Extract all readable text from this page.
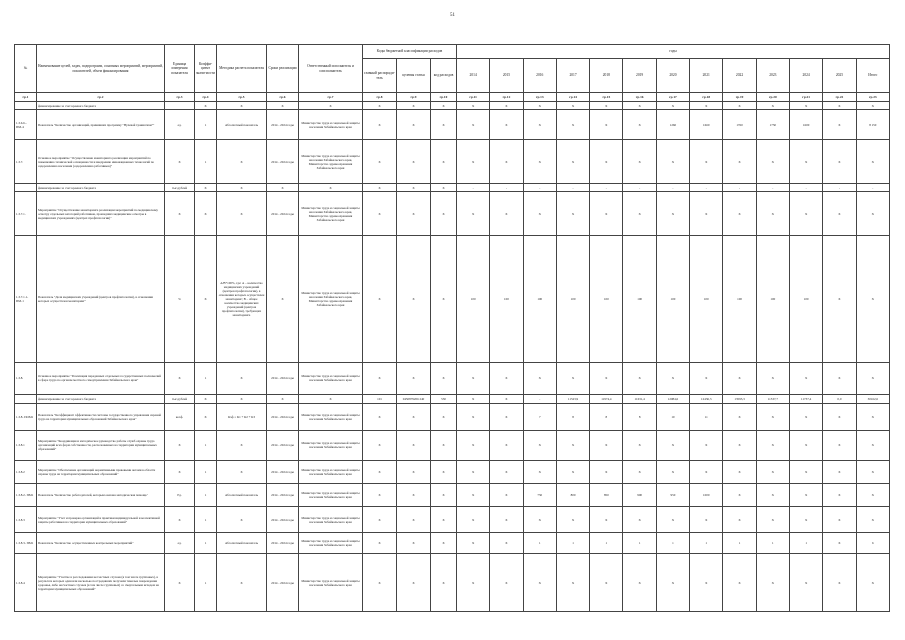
51
№	Наименование целей, задач, подпрограмм, основных мероприятий, мероприятий, показателей, объем финансирования	Единица измерения показателя	Коэффи-циент значи-мости	Методика расчета показателя	Сроки реализации	Ответственный исполнитель и соисполнитель	Коды бюджетной классификации расходов			годы												
							главный распоряди-тель	целевая статья	код расходов	2014	2015	2016	2017	2018	2019	2020	2021	2022	2023	2024	2025	Итого
гр.1	гр.2	гр.3	гр.4	гр.5	гр.6	гр.7	гр.8	гр.9	гр.10	гр.11	гр.12	гр.13	гр.14	гр.15	гр.16	гр.17	гр.18	гр.19	гр.20	гр.21	гр.22	гр.23
	финансирование за счет краевого бюджета		Х	Х	Х	Х	Х	Х	Х	Х	Х	Х	Х	Х	Х	Х	Х	Х	Х	Х	Х	Х
1.3.6.6.- ПМ-4	Показатель "Количество организаций, принявших программу "Нулевой травматизм""	ед.	1	Абсолютный показатель	2014 - 2024 годы	Министерство труда и социальной защиты населения Забайкальского края	Х	Х	Х	Х	Х	Х	Х	Х	Х	1260	1660	1760	1750	1600	Х	8 150
1.3.7.	Основное мероприятие "Осуществление мониторинга реализации мероприятий по повышению технической оснащенности и внедрению инновационных технологий по оздоровлению населения (оздоровлению работников)"	Х	1	Х	2014 - 2024 годы	Министерство труда и социальной защиты населения Забайкальского края, Министерство здравоохранения Забайкальского края	Х	Х	Х	Х	Х	Х	Х	Х	Х	Х	Х	Х	Х	Х	Х	Х
	финансирование за счет краевого бюджета	тыс.рублей	Х	Х	Х	Х	Х	Х	Х	-	-	-	-	-	-	-	-	-	-	-	-	-
1.3.7.1.	Мероприятие "Осуществление мониторинга реализации мероприятий по медицинскому осмотру отдельных категорий работников, прошедших медицинские осмотры в медицинских учреждениях (центрах профпатологии)"	Х	Х	Х	2014 - 2024 годы	Министерство труда и социальной защиты населения Забайкальского края, Министерство здравоохранения Забайкальского края	Х	Х	Х	Х	Х	Х	Х	Х	Х	Х	Х	Х	Х	Х	Х	Х
1.3.7.1.1- ПМ-1	Показатель "Доля медицинских учреждений (центров профпатологии), в отношении которых осуществлен мониторинг"	%	Х	А/В*100%, где: А – количество медицинских учреждений (центров профпатологии), в отношении которых осуществлен мониторинг; В – общее количество медицинских учреждений (центров профпатологии), требующих мониторинга	Х	Министерство труда и социальной защиты населения Забайкальского края, Министерство здравоохранения Забайкальского края	Х	Х	Х	100	100	100	100	100	100	100	100	100	100	100	Х	Х
1.3.8.	Основное мероприятие "Реализация переданных отдельных государственных полномочий в сфере труда по органам местного самоуправления Забайкальского края"	Х	1	Х	2014 - 2024 годы	Министерство труда и социальной защиты населения Забайкальского края	Х	Х	Х	Х	Х	Х	Х	Х	Х	Х	Х	Х	Х	Х	Х	Х
	финансирование за счет краевого бюджета	тыс.рублей	Х	Х	Х	Х	101	0450879206 240	530	Х	Х	-	11523,9	11974,4	11631,4	12084,6	12436,3	13593,3	11537,7	11737,4	0,0	30162,6
1.3.8- ПОМ1	Показатель "Коэффициент эффективности системы государственного управления охраной труда на территории муниципальных образований Забайкальского края"	коэф.	Х	Кэф = К1 + К2 + К3	2014 - 2024 годы	Министерство труда и социальной защиты населения Забайкальского края	Х	Х	Х	Х	Х	7	8	8	8	10	11	Х	Х	Х	Х	Х
1.3.8.1	Мероприятие "Координация и методическое руководство работы служб охраны труда организаций всех форм собственности, расположенных на территории муниципальных образований"	Х	1	Х	2014 - 2024 годы	Министерство труда и социальной защиты населения Забайкальского края	Х	Х	Х	Х	Х	Х	Х	Х	Х	Х	Х	Х	Х	Х	Х	Х
1.3.8.2	Мероприятие "Обеспечение организаций нормативными правовыми актами в области охраны труда на территории муниципальных образований"	Х	1	Х	2014 - 2024 годы	Министерство труда и социальной защиты населения Забайкальского края	Х	Х	Х	Х	Х	Х	Х	Х	Х	Х	Х	Х	Х	Х	Х	Х
1.3.8.2- ПМ1	Показатель "Количество работодателей, которым оказана методическая помощь"	Ед.	1	Абсолютный показатель	2014 - 2024 годы	Министерство труда и социальной защиты населения Забайкальского края	Х	Х	Х	Х	Х	750	800	850	900	950	1000	Х	Х	Х	Х	Х
1.3.8.3	Мероприятие "Учет и проверка организаций и практики индивидуальной и коллективной защиты работников на территории муниципальных образований"	Х	1	Х	2014 - 2024 годы	Министерство труда и социальной защиты населения Забайкальского края	Х	Х	Х	Х	Х	Х	Х	Х	Х	Х	Х	Х	Х	Х	Х	Х
1.3.8.3- ПМ1	Показатель "Количество осуществленных контрольных мероприятий"	ед.	1	Абсолютный показатель	2014 - 2024 годы	Министерство труда и социальной защиты населения Забайкальского края	Х	Х	Х	Х	Х	1	1	1	1	1	1	1	1	1	Х	6
1.3.8.4	Мероприятие "Участие в расследовании несчастных случаев (в том числе групповых), в результате которых один или несколько пострадавших получили тяжелые повреждения здоровья, либо несчастных случаев (в том числе групповых) со смертельным исходом на территории муниципальных образований"	Х	1	Х	2014 - 2024 годы	Министерство труда и социальной защиты населения Забайкальского края	Х	Х	Х	Х	Х	Х	Х	Х	Х	Х	Х	Х	Х	Х	Х	Х
